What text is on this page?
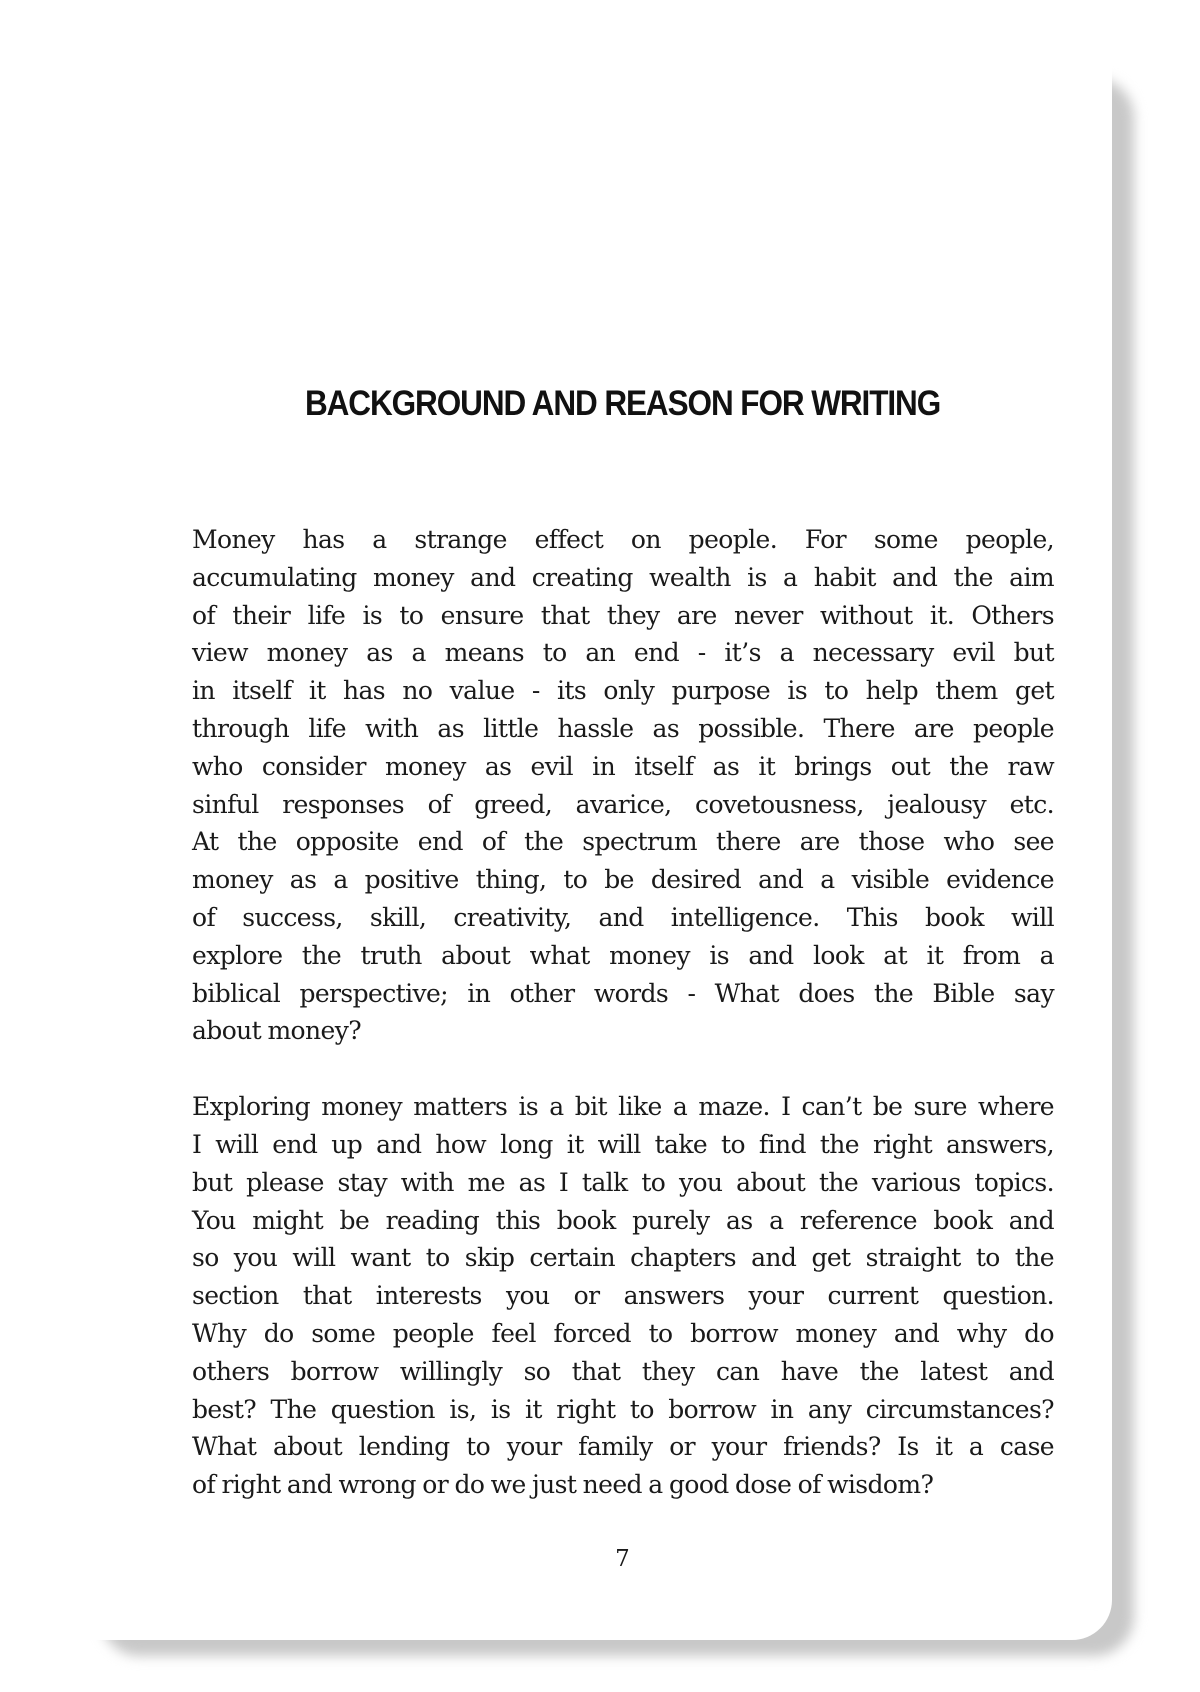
BACKGROUND AND REASON FOR WRITING
Money has a strange effect on people. For some people,
accumulating money and creating wealth is a habit and the aim
of their life is to ensure that they are never without it. Others
view money as a means to an end - it’s a necessary evil but
in itself it has no value - its only purpose is to help them get
through life with as little hassle as possible. There are people
who consider money as evil in itself as it brings out the raw
sinful responses of greed, avarice, covetousness, jealousy etc.
At the opposite end of the spectrum there are those who see
money as a positive thing, to be desired and a visible evidence
of success, skill, creativity, and intelligence. This book will
explore the truth about what money is and look at it from a
biblical perspective; in other words - What does the Bible say
about money?
Exploring money matters is a bit like a maze. I can’t be sure where
I will end up and how long it will take to find the right answers,
but please stay with me as I talk to you about the various topics.
You might be reading this book purely as a reference book and
so you will want to skip certain chapters and get straight to the
section that interests you or answers your current question.
Why do some people feel forced to borrow money and why do
others borrow willingly so that they can have the latest and
best? The question is, is it right to borrow in any circumstances?
What about lending to your family or your friends? Is it a case
of right and wrong or do we just need a good dose of wisdom?
7
